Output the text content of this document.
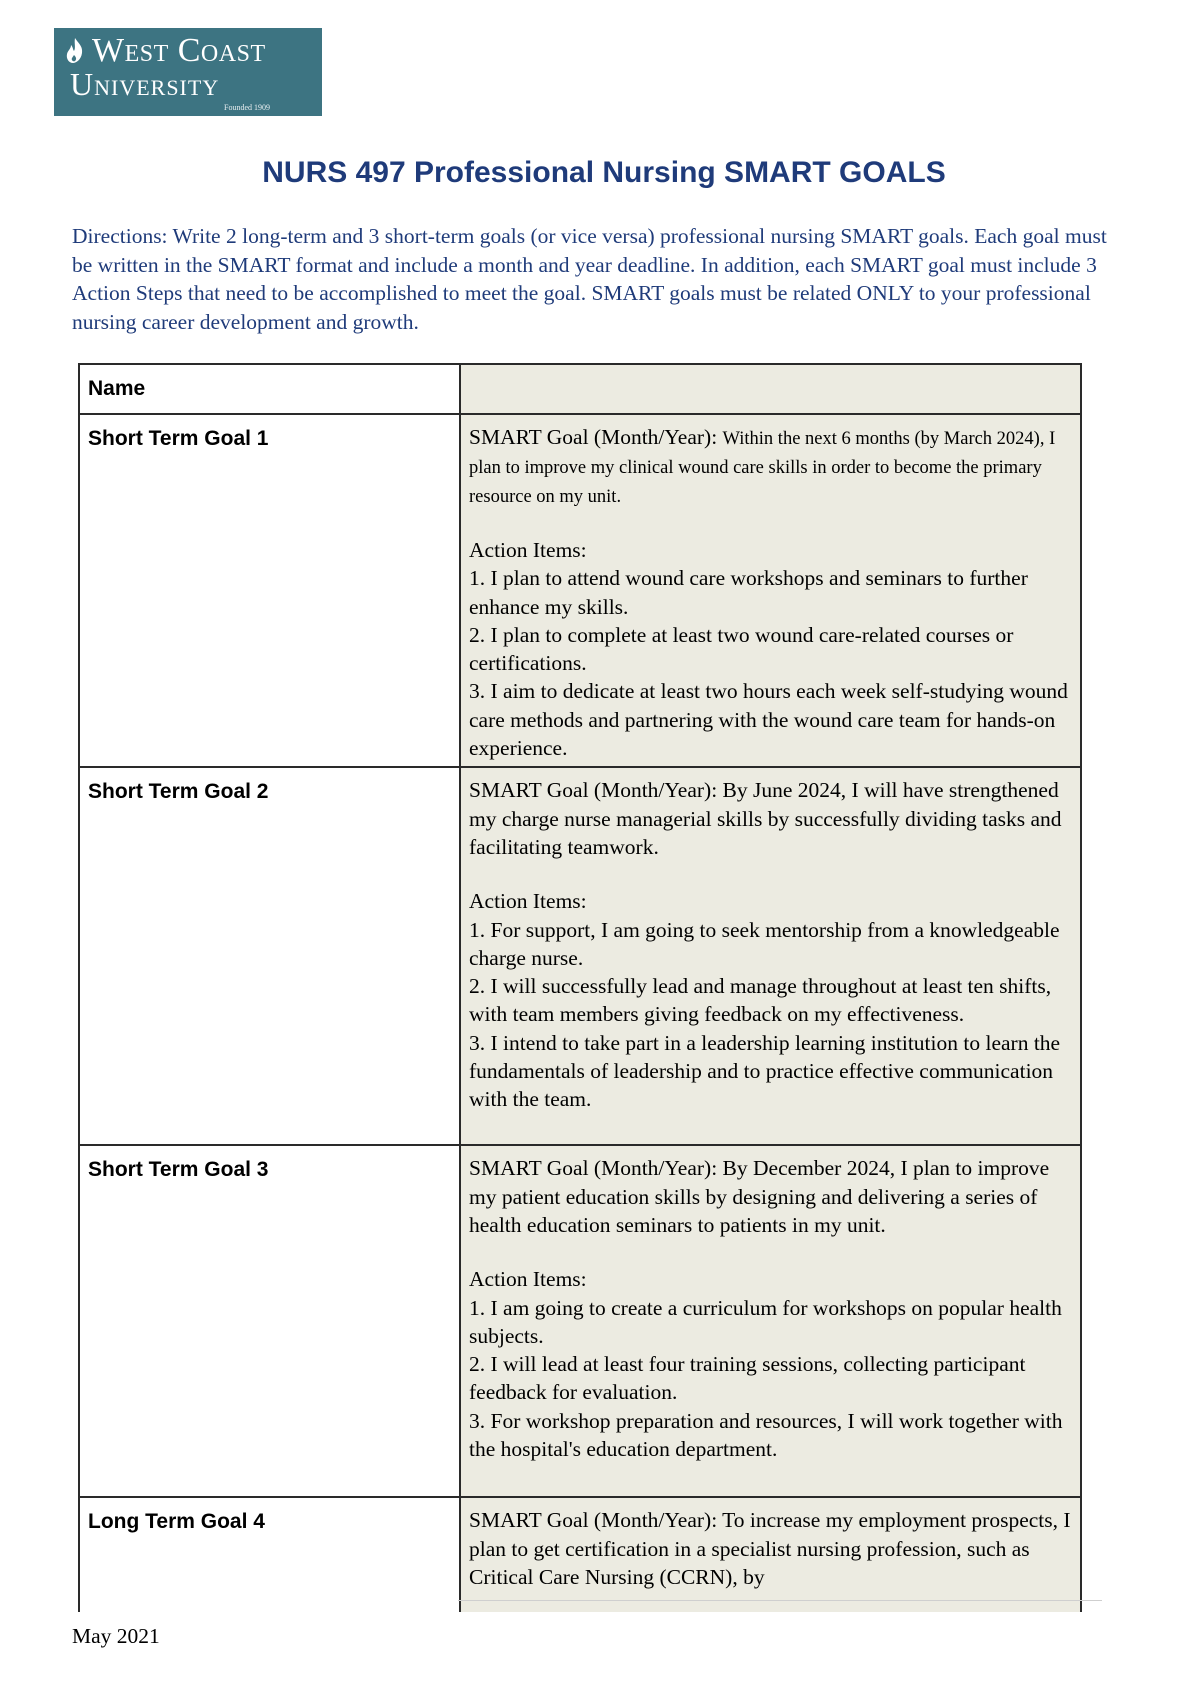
West Coast
University
Founded 1909
NURS 497 Professional Nursing SMART GOALS

Directions: Write 2 long-term and 3 short-term goals (or vice versa) professional nursing SMART goals. Each goal must be written in the SMART format and include a month and year deadline. In addition, each SMART goal must include 3 Action Steps that need to be accomplished to meet the goal. SMART goals must be related ONLY to your professional nursing career development and growth.

Name	
Short Term Goal 1	SMART Goal (Month/Year): Within the next 6 months (by March 2024), I plan to improve my clinical wound care skills in order to become the primary resource on my unit.

Action Items:

1. I plan to attend wound care workshops and seminars to further enhance my skills.

2. I plan to complete at least two wound care-related courses or certifications.

3. I aim to dedicate at least two hours each week self-studying wound care methods and partnering with the wound care team for hands-on experience.

Short Term Goal 2	SMART Goal (Month/Year): By June 2024, I will have strengthened my charge nurse managerial skills by successfully dividing tasks and facilitating teamwork.

Action Items:

1. For support, I am going to seek mentorship from a knowledgeable charge nurse.

2. I will successfully lead and manage throughout at least ten shifts, with team members giving feedback on my effectiveness.

3. I intend to take part in a leadership learning institution to learn the fundamentals of leadership and to practice effective communication with the team.

Short Term Goal 3	SMART Goal (Month/Year): By December 2024, I plan to improve my patient education skills by designing and delivering a series of health education seminars to patients in my unit.

Action Items:

1. I am going to create a curriculum for workshops on popular health subjects.

2. I will lead at least four training sessions, collecting participant feedback for evaluation.

3. For workshop preparation and resources, I will work together with the hospital's education department.

Long Term Goal 4	SMART Goal (Month/Year): To increase my employment prospects, I plan to get certification in a specialist nursing profession, such as Critical Care Nursing (CCRN), by

May 2021
